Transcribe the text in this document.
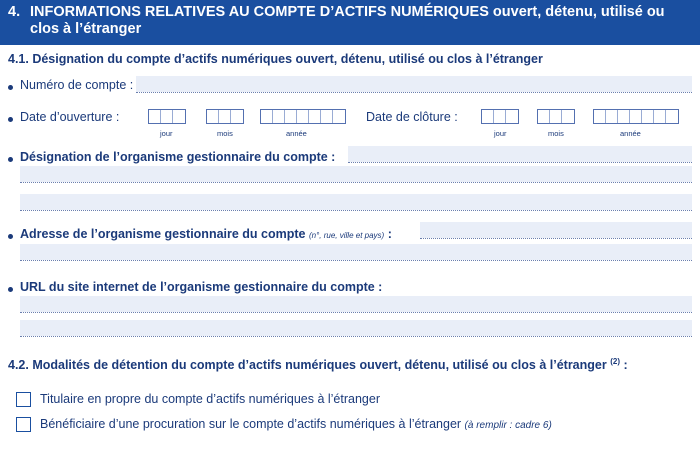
4. INFORMATIONS RELATIVES AU COMPTE D’ACTIFS NUMÉRIQUES ouvert, détenu, utilisé ou
clos à l’étranger
4.1. Désignation du compte d’actifs numériques ouvert, détenu, utilisé ou clos à l’étranger
Numéro de compte :
Date d’ouverture :
jour	mois	année
Date de clôture :
jour	mois	année
Désignation de l’organisme gestionnaire du compte :
Adresse de l’organisme gestionnaire du compte (n°, rue, ville et pays) :
URL du site internet de l’organisme gestionnaire du compte :
4.2. Modalités de détention du compte d’actifs numériques ouvert, détenu, utilisé ou clos à l’étranger $^{(2)}$ :
Titulaire en propre du compte d’actifs numériques à l’étranger
Bénéficiaire d’une procuration sur le compte d’actifs numériques à l’étranger (à remplir : cadre 6)
